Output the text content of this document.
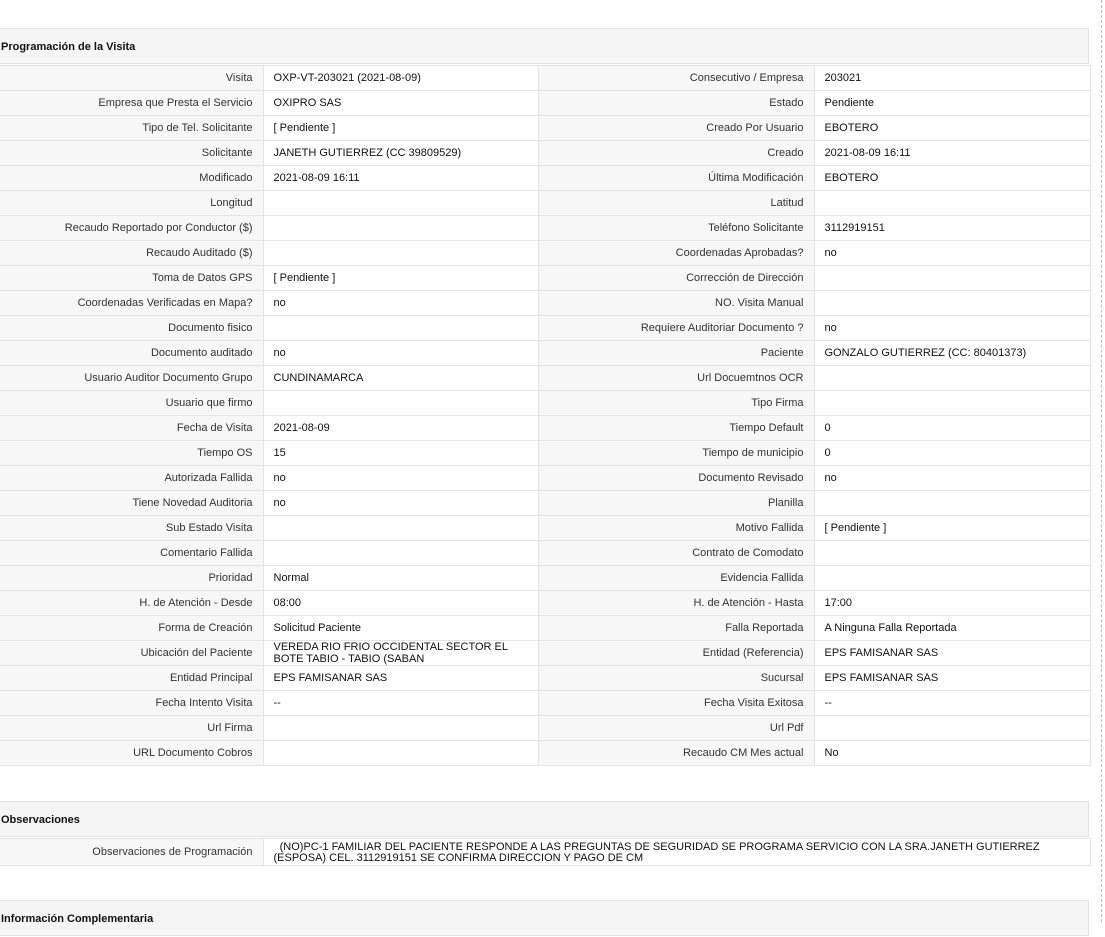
Programación de la Visita
Visita	OXP-VT-203021 (2021-08-09)	Consecutivo / Empresa	203021
Empresa que Presta el Servicio	OXIPRO SAS	Estado	Pendiente
Tipo de Tel. Solicitante	[ Pendiente ]	Creado Por Usuario	EBOTERO
Solicitante	JANETH GUTIERREZ (CC 39809529)	Creado	2021-08-09 16:11
Modificado	2021-08-09 16:11	Última Modificación	EBOTERO
Longitud		Latitud	
Recaudo Reportado por Conductor ($)		Teléfono Solicitante	3112919151
Recaudo Auditado ($)		Coordenadas Aprobadas?	no
Toma de Datos GPS	[ Pendiente ]	Corrección de Dirección	
Coordenadas Verificadas en Mapa?	no	NO. Visita Manual	
Documento fisico		Requiere Auditoriar Documento ?	no
Documento auditado	no	Paciente	GONZALO GUTIERREZ (CC: 80401373)
Usuario Auditor Documento Grupo	CUNDINAMARCA	Url Docuemtnos OCR	
Usuario que firmo		Tipo Firma	
Fecha de Visita	2021-08-09	Tiempo Default	0
Tiempo OS	15	Tiempo de municipio	0
Autorizada Fallida	no	Documento Revisado	no
Tiene Novedad Auditoria	no	Planilla	
Sub Estado Visita		Motivo Fallida	[ Pendiente ]
Comentario Fallida		Contrato de Comodato	
Prioridad	Normal	Evidencia Fallida	
H. de Atención - Desde	08:00	H. de Atención - Hasta	17:00
Forma de Creación	Solicitud Paciente	Falla Reportada	A Ninguna Falla Reportada
Ubicación del Paciente	VEREDA RIO FRIO OCCIDENTAL SECTOR EL BOTE TABIO - TABIO (SABAN	Entidad (Referencia)	EPS FAMISANAR SAS
Entidad Principal	EPS FAMISANAR SAS	Sucursal	EPS FAMISANAR SAS
Fecha Intento Visita	--	Fecha Visita Exitosa	--
Url Firma		Url Pdf	
URL Documento Cobros		Recaudo CM Mes actual	No
Observaciones
Observaciones de Programación	(NO)PC-1 FAMILIAR DEL PACIENTE RESPONDE A LAS PREGUNTAS DE SEGURIDAD SE PROGRAMA SERVICIO CON LA SRA.JANETH GUTIERREZ (ESPOSA) CEL. 3112919151 SE CONFIRMA DIRECCION Y PAGO DE CM
Información Complementaria
